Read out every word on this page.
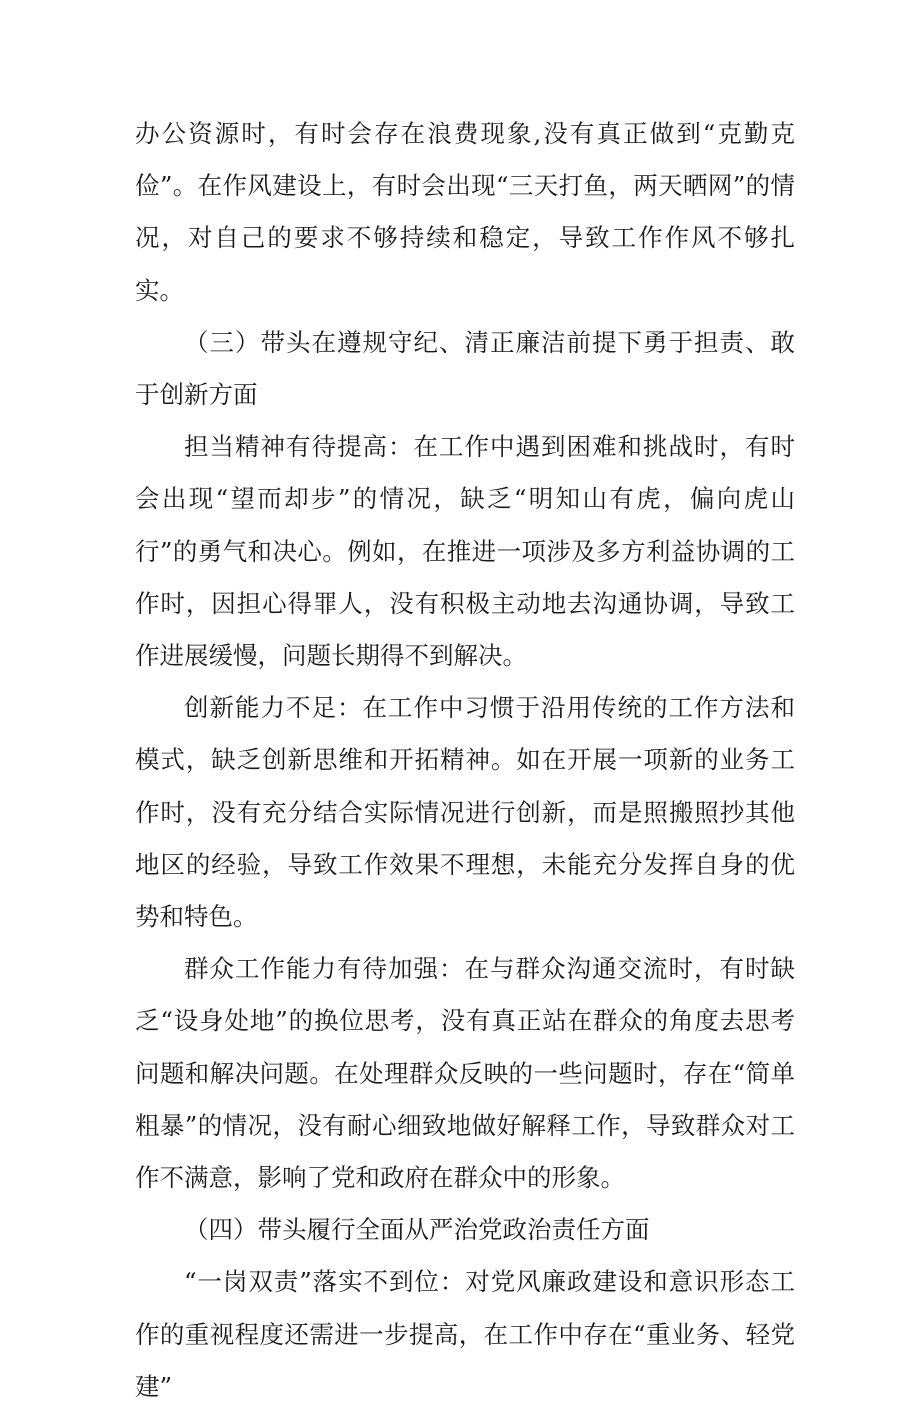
办公资源时，有时会存在浪费现象,没有真正做到“克勤克俭”。在作风建设上，有时会出现“三天打鱼，两天晒网”的情况，对自己的要求不够持续和稳定，导致工作作风不够扎实。

（三）带头在遵规守纪、清正廉洁前提下勇于担责、敢于创新方面

担当精神有待提高：在工作中遇到困难和挑战时，有时会出现“望而却步”的情况，缺乏“明知山有虎，偏向虎山行”的勇气和决心。例如，在推进一项涉及多方利益协调的工作时，因担心得罪人，没有积极主动地去沟通协调，导致工作进展缓慢，问题长期得不到解决。

创新能力不足：在工作中习惯于沿用传统的工作方法和模式，缺乏创新思维和开拓精神。如在开展一项新的业务工作时，没有充分结合实际情况进行创新，而是照搬照抄其他地区的经验，导致工作效果不理想，未能充分发挥自身的优势和特色。

群众工作能力有待加强：在与群众沟通交流时，有时缺乏“设身处地”的换位思考，没有真正站在群众的角度去思考问题和解决问题。在处理群众反映的一些问题时，存在“简单粗暴”的情况，没有耐心细致地做好解释工作，导致群众对工作不满意，影响了党和政府在群众中的形象。

（四）带头履行全面从严治党政治责任方面

“一岗双责”落实不到位：对党风廉政建设和意识形态工作的重视程度还需进一步提高，在工作中存在“重业务、轻党建”
